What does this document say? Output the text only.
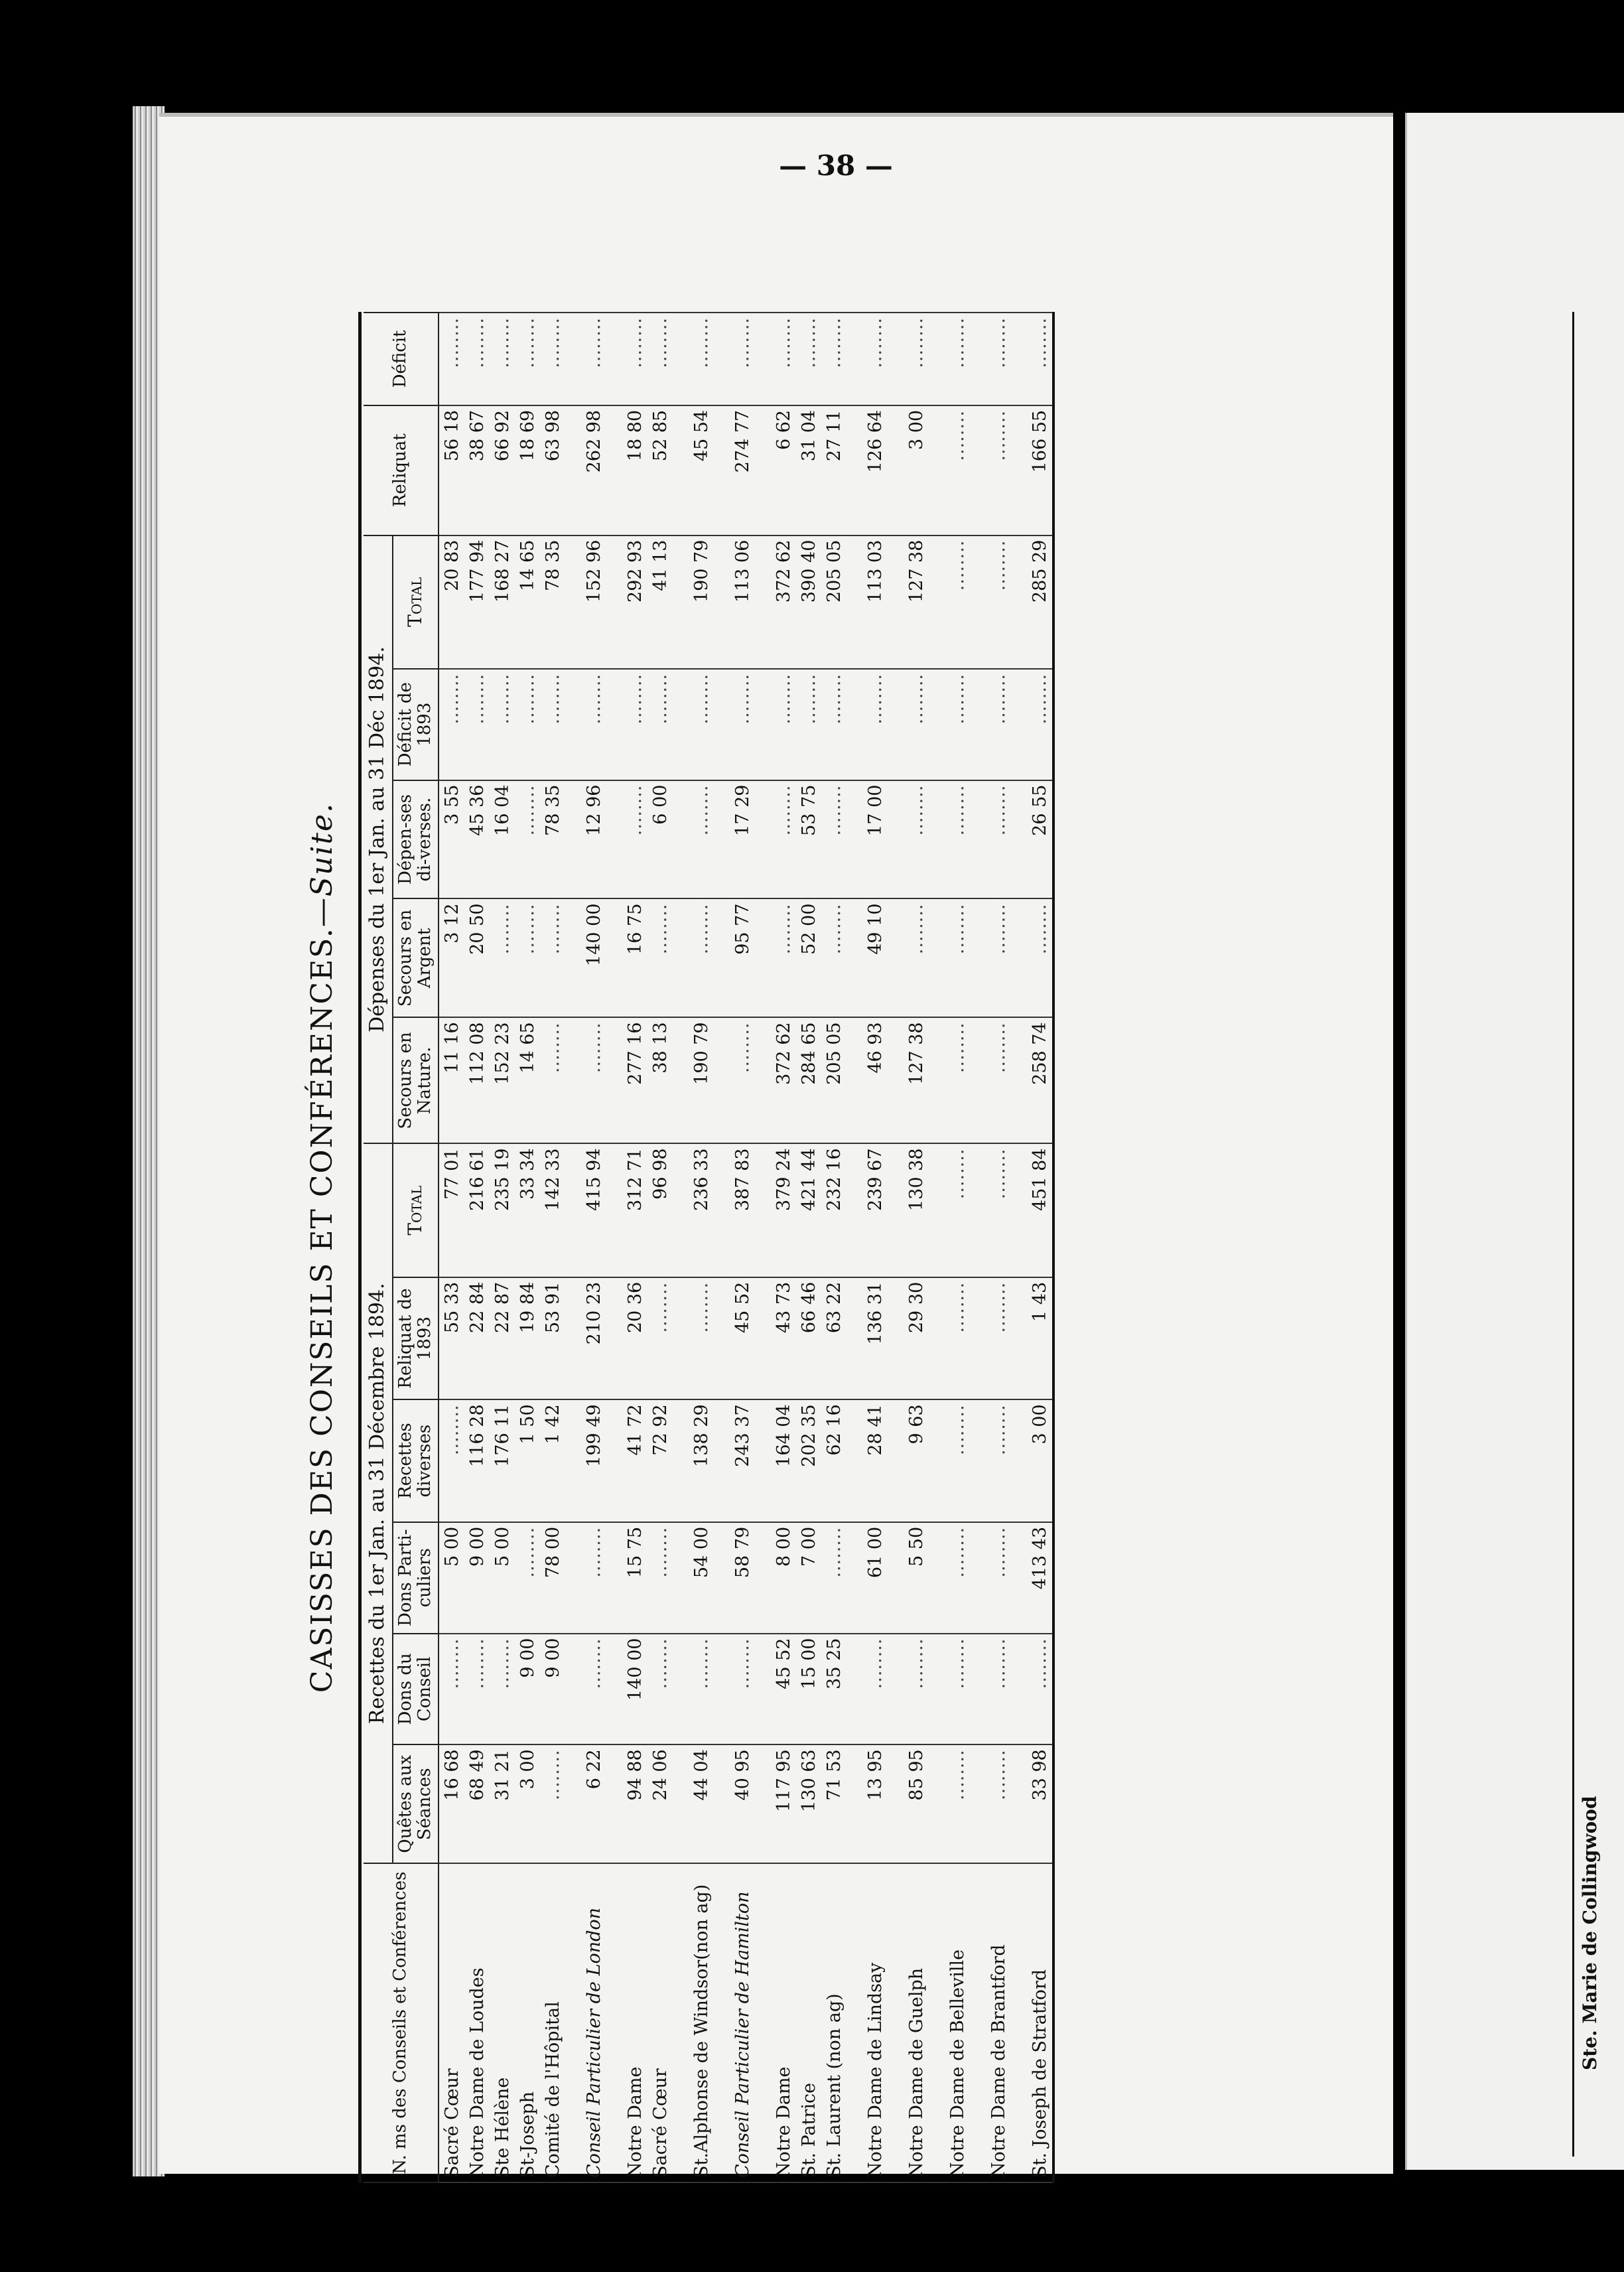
— 38 —
CASISSES DES CONSEILS ET CONFÉRENCES.—Suite.
N. ms des Conseils et Conférences	Recettes du 1er Jan. au 31 Décembre 1894.						Dépenses du 1er Jan. au 31 Déc 1894.					Reliquat	Déficit
	Quêtes aux Séances	Dons du Conseil	Dons Parti-culiers	Recettes diverses	Reliquat de 1893	Total	Secours en Nature.	Secours en Argent	Dépen-ses di-verses.	Déficit de 1893	Total		
Sacré Cœur	16 68	........	5 00	........	55 33	77 01	11 16	3 12	3 55	........	20 83	56 18	........
Notre Dame de Loudes	68 49	........	9 00	116 28	22 84	216 61	112 08	20 50	45 36	........	177 94	38 67	........
Ste Hélène	31 21	........	5 00	176 11	22 87	235 19	152 23	........	16 04	........	168 27	66 92	........
St-Joseph	3 00	9 00	........	1 50	19 84	33 34	14 65	........	........	........	14 65	18 69	........
Comité de l'Hôpital	........	9 00	78 00	1 42	53 91	142 33	........	........	78 35	........	78 35	63 98	........

Conseil Particulier de London	6 22	........	........	199 49	210 23	415 94	........	140 00	12 96	........	152 96	262 98	........

Notre Dame	94 88	140 00	15 75	41 72	20 36	312 71	277 16	16 75	........	........	292 93	18 80	........
Sacré Cœur	24 06	........	........	72 92	........	96 98	38 13	........	6 00	........	41 13	52 85	........

St.Alphonse de Windsor(non ag)	44 04	........	54 00	138 29	........	236 33	190 79	........	........	........	190 79	45 54	........

Conseil Particulier de Hamilton	40 95	........	58 79	243 37	45 52	387 83	........	95 77	17 29	........	113 06	274 77	........

Notre Dame	117 95	45 52	8 00	164 04	43 73	379 24	372 62	........	........	........	372 62	6 62	........
St. Patrice	130 63	15 00	7 00	202 35	66 46	421 44	284 65	52 00	53 75	........	390 40	31 04	........
St. Laurent (non ag)	71 53	35 25	........	62 16	63 22	232 16	205 05	........	........	........	205 05	27 11	........

Notre Dame de Lindsay	13 95	........	61 00	28 41	136 31	239 67	46 93	49 10	17 00	........	113 03	126 64	........

Notre Dame de Guelph	85 95	........	5 50	9 63	29 30	130 38	127 38	........	........	........	127 38	3 00	........

Notre Dame de Belleville	........	........	........	........	........	........	........	........	........	........	........	........	........

Notre Dame de Brantford	........	........	........	........	........	........	........	........	........	........	........	........	........

St. Joseph de Stratford	33 98	........	413 43	3 00	1 43	451 84	258 74	........	26 55	........	285 29	166 55	........
Ste. Marie de Collingwood
